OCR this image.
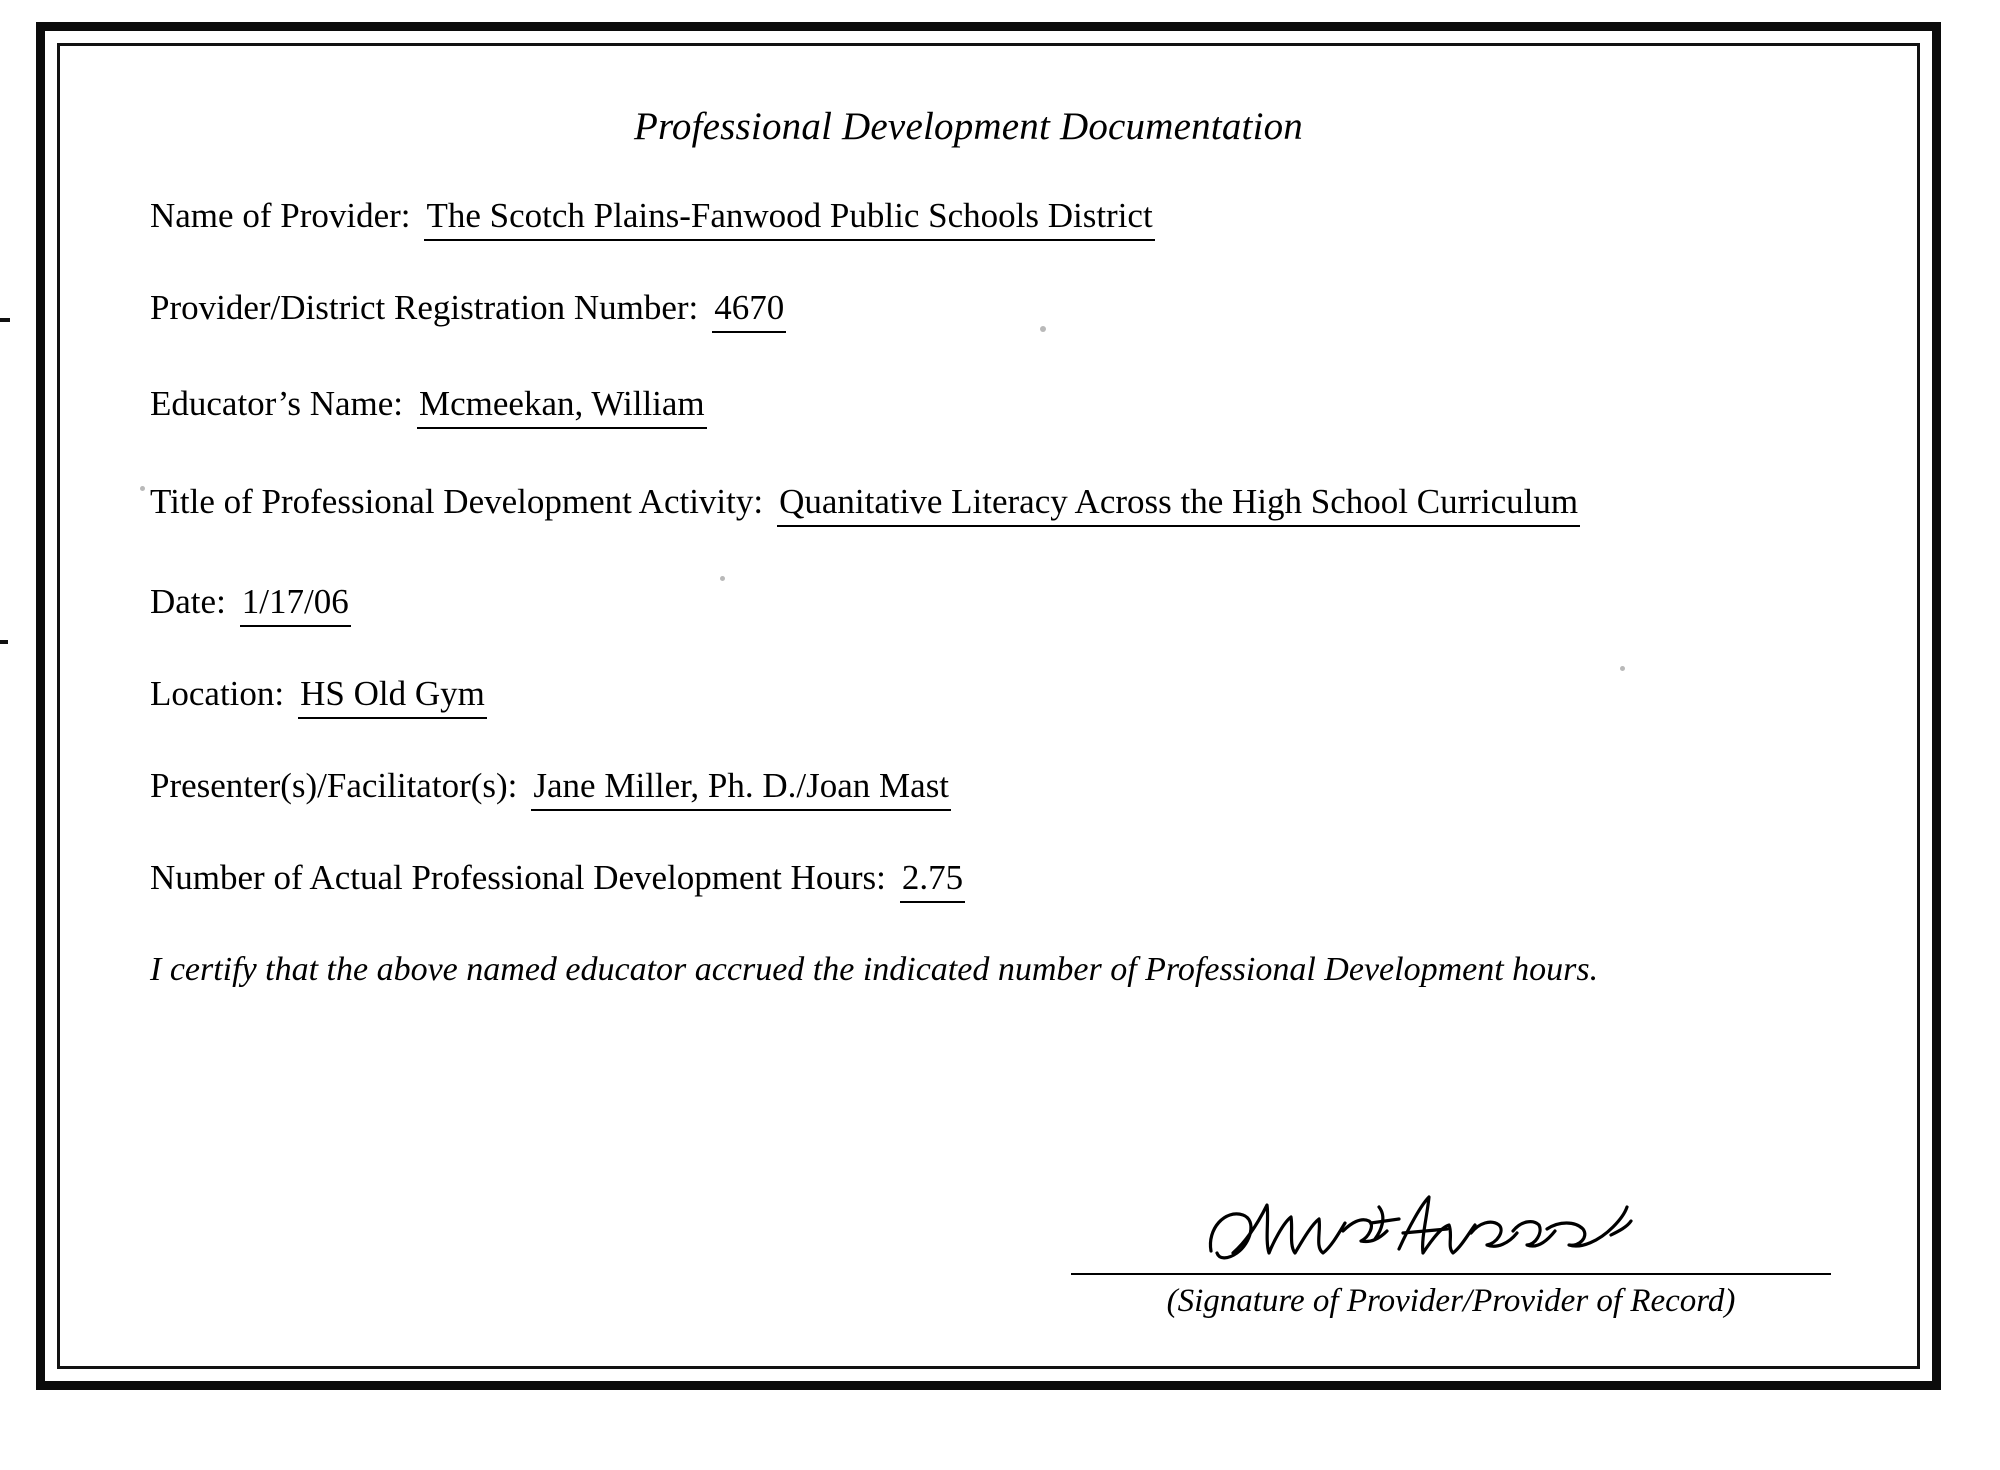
Professional Development Documentation
Name of Provider: The Scotch Plains-Fanwood Public Schools District
Provider/District Registration Number: 4670
Educator’s Name: Mcmeekan, William
Title of Professional Development Activity: Quanitative Literacy Across the High School Curriculum
Date: 1/17/06
Location: HS Old Gym
Presenter(s)/Facilitator(s): Jane Miller, Ph. D./Joan Mast
Number of Actual Professional Development Hours: 2.75
I certify that the above named educator accrued the indicated number of Professional Development hours.
(Signature of Provider/Provider of Record)
